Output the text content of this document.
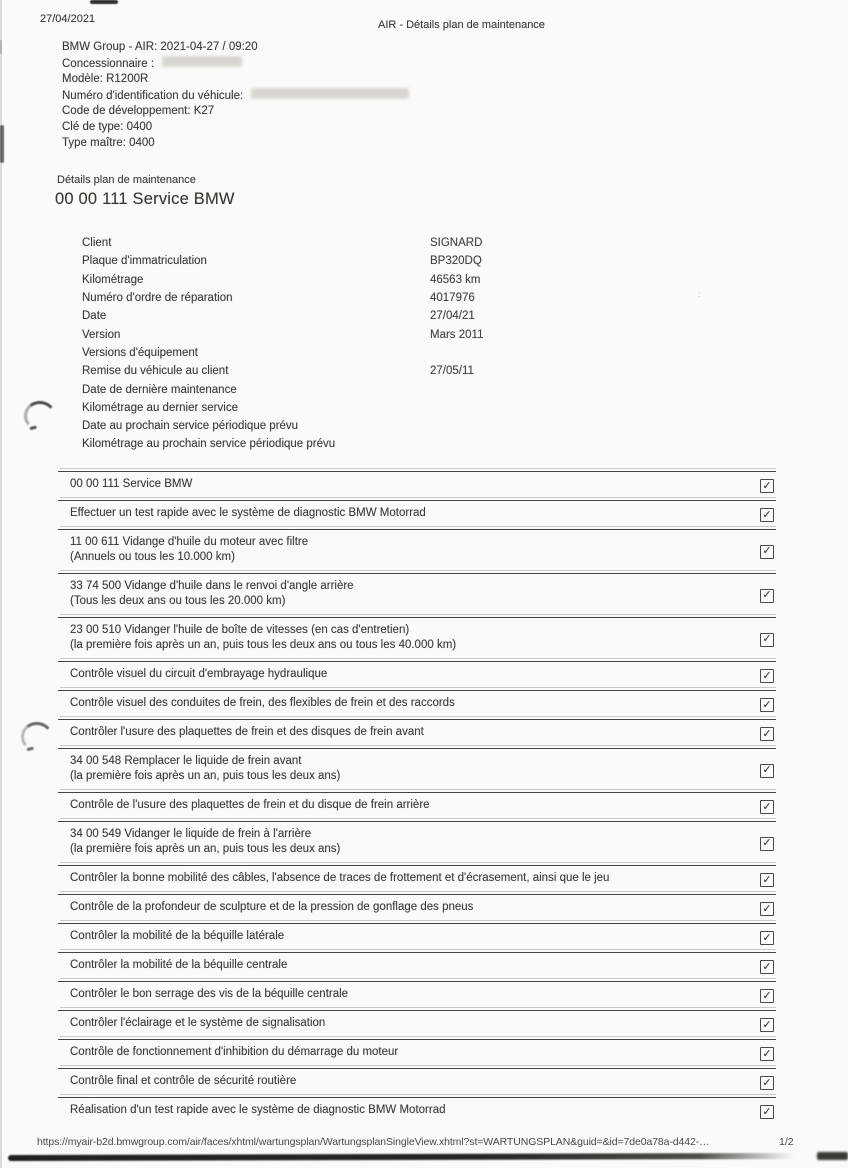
27/04/2021	AIR - Détails plan de maintenance
BMW Group - AIR: 2021-04-27 / 09:20
Concessionnaire :
Modèle: R1200R
Numéro d'identification du véhicule:
Code de développement: K27
Clé de type: 0400
Type maître: 0400
Détails plan de maintenance
00 00 111 Service BMW
Client	SIGNARD
Plaque d'immatriculation	BP320DQ
Kilométrage	46563 km
Numéro d'ordre de réparation	4017976
Date	27/04/21
Version	Mars 2011
Versions d'équipement
Remise du véhicule au client	27/05/11
Date de dernière maintenance
Kilométrage au dernier service
Date au prochain service périodique prévu
Kilométrage au prochain service périodique prévu
00 00 111 Service BMW	✓
Effectuer un test rapide avec le système de diagnostic BMW Motorrad	✓
11 00 611 Vidange d'huile du moteur avec filtre
(Annuels ou tous les 10.000 km)	✓
33 74 500 Vidange d'huile dans le renvoi d'angle arrière
(Tous les deux ans ou tous les 20.000 km)	✓
23 00 510 Vidanger l'huile de boîte de vitesses (en cas d'entretien)
(la première fois après un an, puis tous les deux ans ou tous les 40.000 km)	✓
Contrôle visuel du circuit d'embrayage hydraulique	✓
Contrôle visuel des conduites de frein, des flexibles de frein et des raccords	✓
Contrôler l'usure des plaquettes de frein et des disques de frein avant	✓
34 00 548 Remplacer le liquide de frein avant
(la première fois après un an, puis tous les deux ans)	✓
Contrôle de l'usure des plaquettes de frein et du disque de frein arrière	✓
34 00 549 Vidanger le liquide de frein à l'arrière
(la première fois après un an, puis tous les deux ans)	✓
Contrôler la bonne mobilité des câbles, l'absence de traces de frottement et d'écrasement, ainsi que le jeu	✓
Contrôle de la profondeur de sculpture et de la pression de gonflage des pneus	✓
Contrôler la mobilité de la béquille latérale	✓
Contrôler la mobilité de la béquille centrale	✓
Contrôler le bon serrage des vis de la béquille centrale	✓
Contrôler l'éclairage et le système de signalisation	✓
Contrôle de fonctionnement d'inhibition du démarrage du moteur	✓
Contrôle final et contrôle de sécurité routière	✓
Réalisation d'un test rapide avec le système de diagnostic BMW Motorrad	✓
https://myair-b2d.bmwgroup.com/air/faces/xhtml/wartungsplan/WartungsplanSingleView.xhtml?st=WARTUNGSPLAN&guid=&id=7de0a78a-d442-…	1/2
:
